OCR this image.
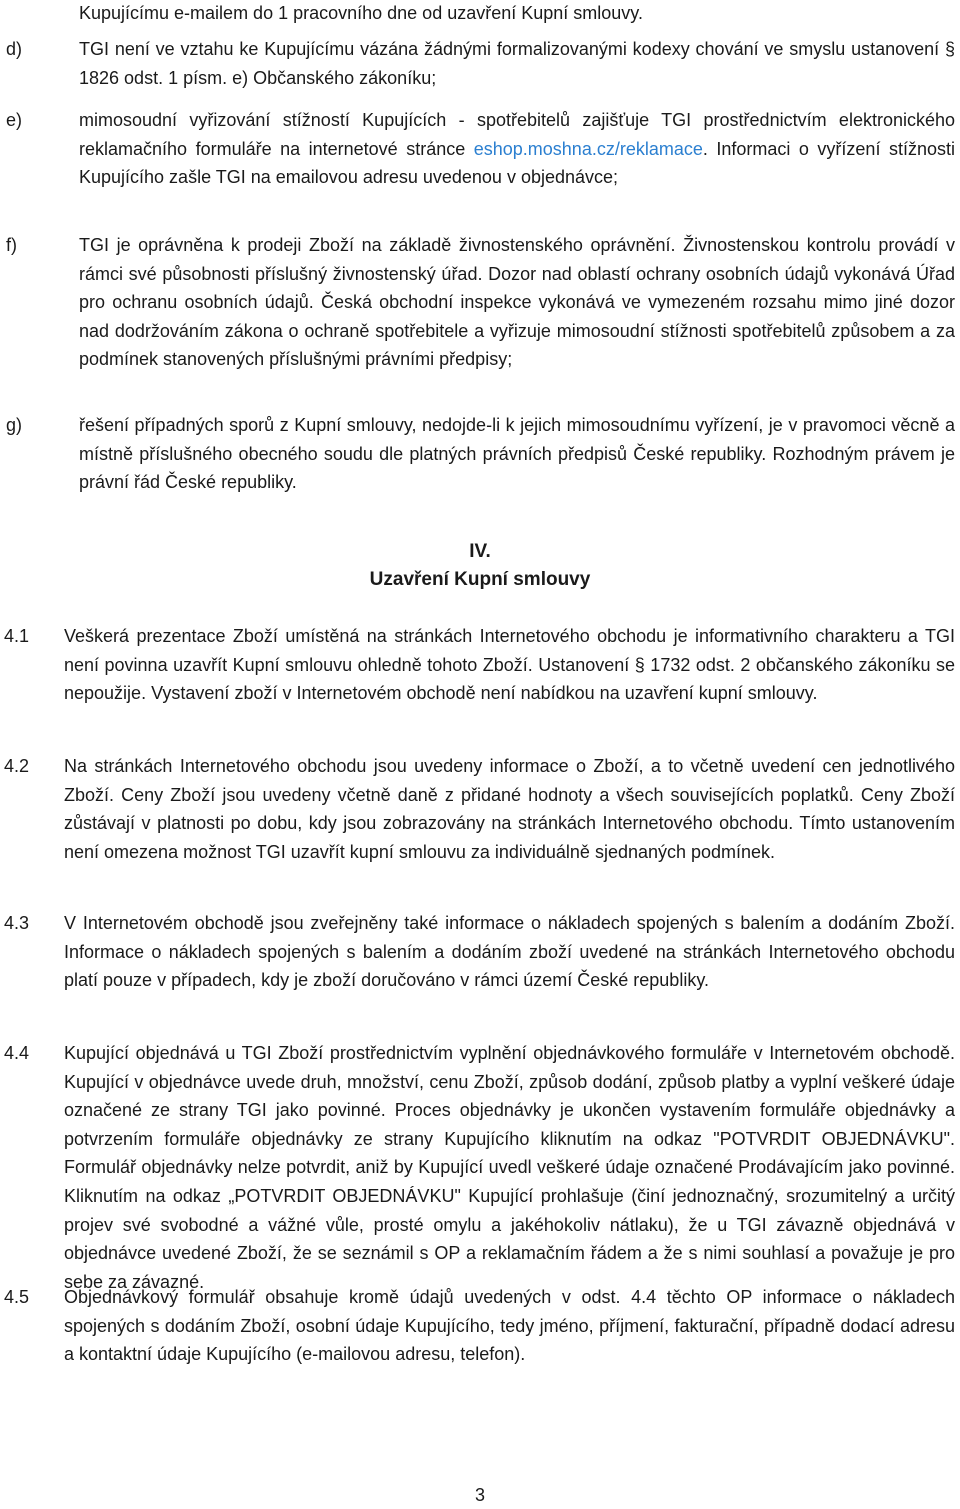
Kupujícímu e-mailem do 1 pracovního dne od uzavření Kupní smlouvy.
d)	TGI není ve vztahu ke Kupujícímu vázána žádnými formalizovanými kodexy chování ve smyslu ustanovení § 1826 odst. 1 písm. e) Občanského zákoníku;
e)	mimosoudní vyřizování stížností Kupujících - spotřebitelů zajišťuje TGI prostřednictvím elektronického reklamačního formuláře na internetové stránce eshop.moshna.cz/reklamace. Informaci o vyřízení stížnosti Kupujícího zašle TGI na emailovou adresu uvedenou v objednávce;
f)	TGI je oprávněna k prodeji Zboží na základě živnostenského oprávnění. Živnostenskou kontrolu provádí v rámci své působnosti příslušný živnostenský úřad. Dozor nad oblastí ochrany osobních údajů vykonává Úřad pro ochranu osobních údajů. Česká obchodní inspekce vykonává ve vymezeném rozsahu mimo jiné dozor nad dodržováním zákona o ochraně spotřebitele a vyřizuje mimosoudní stížnosti spotřebitelů způsobem a za podmínek stanovených příslušnými právními předpisy;
g)	řešení případných sporů z Kupní smlouvy, nedojde-li k jejich mimosoudnímu vyřízení, je v pravomoci věcně a místně příslušného obecného soudu dle platných právních předpisů České republiky. Rozhodným právem je právní řád České republiky.
IV.
Uzavření Kupní smlouvy
4.1 Veškerá prezentace Zboží umístěná na stránkách Internetového obchodu je informativního charakteru a TGI není povinna uzavřít Kupní smlouvu ohledně tohoto Zboží. Ustanovení § 1732 odst. 2 občanského zákoníku se nepoužije. Vystavení zboží v Internetovém obchodě není nabídkou na uzavření kupní smlouvy.
4.2 Na stránkách Internetového obchodu jsou uvedeny informace o Zboží, a to včetně uvedení cen jednotlivého Zboží. Ceny Zboží jsou uvedeny včetně daně z přidané hodnoty a všech souvisejících poplatků. Ceny Zboží zůstávají v platnosti po dobu, kdy jsou zobrazovány na stránkách Internetového obchodu. Tímto ustanovením není omezena možnost TGI uzavřít kupní smlouvu za individuálně sjednaných podmínek.
4.3 V Internetovém obchodě jsou zveřejněny také informace o nákladech spojených s balením a dodáním Zboží. Informace o nákladech spojených s balením a dodáním zboží uvedené na stránkách Internetového obchodu platí pouze v případech, kdy je zboží doručováno v rámci území České republiky.
4.4 Kupující objednává u TGI Zboží prostřednictvím vyplnění objednávkového formuláře v Internetovém obchodě. Kupující v objednávce uvede druh, množství, cenu Zboží, způsob dodání, způsob platby a vyplní veškeré údaje označené ze strany TGI jako povinné. Proces objednávky je ukončen vystavením formuláře objednávky a potvrzením formuláře objednávky ze strany Kupujícího kliknutím na odkaz "POTVRDIT OBJEDNÁVKU". Formulář objednávky nelze potvrdit, aniž by Kupující uvedl veškeré údaje označené Prodávajícím jako povinné. Kliknutím na odkaz „POTVRDIT OBJEDNÁVKU" Kupující prohlašuje (činí jednoznačný, srozumitelný a určitý projev své svobodné a vážné vůle, prosté omylu a jakéhokoliv nátlaku), že u TGI závazně objednává v objednávce uvedené Zboží, že se seznámil s OP a reklamačním řádem a že s nimi souhlasí a považuje je pro sebe za závazné.
4.5 Objednávkový formulář obsahuje kromě údajů uvedených v odst. 4.4 těchto OP informace o nákladech spojených s dodáním Zboží, osobní údaje Kupujícího, tedy jméno, příjmení, fakturační, případně dodací adresu a kontaktní údaje Kupujícího (e-mailovou adresu, telefon).
3
